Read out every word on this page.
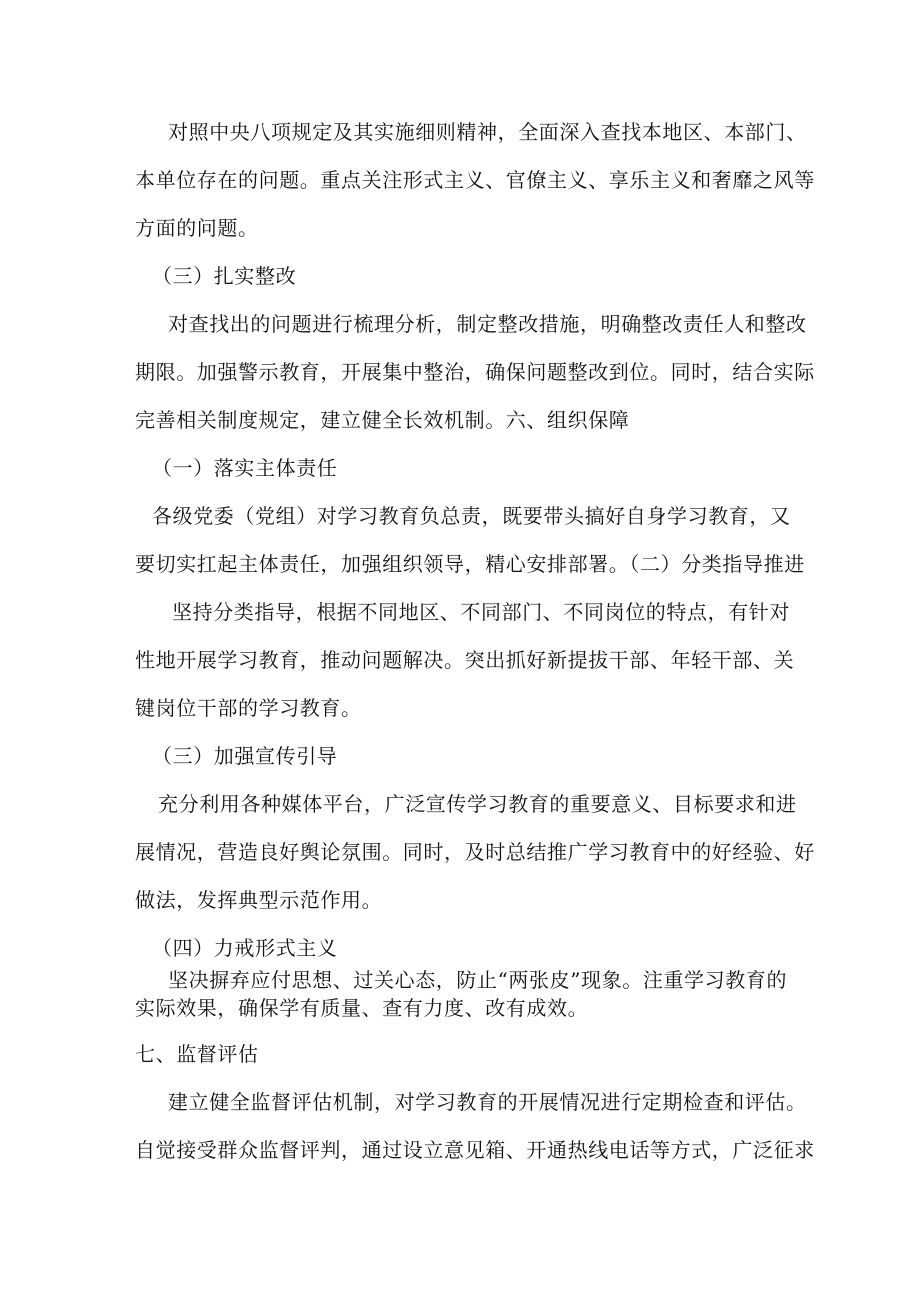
对照中央八项规定及其实施细则精神，全面深入查找本地区、本部门、
本单位存在的问题。重点关注形式主义、官僚主义、享乐主义和奢靡之风等
方面的问题。
（三）扎实整改
对查找出的问题进行梳理分析，制定整改措施，明确整改责任人和整改
期限。加强警示教育，开展集中整治，确保问题整改到位。同时，结合实际
完善相关制度规定，建立健全长效机制。六、组织保障
（一）落实主体责任
各级党委（党组）对学习教育负总责，既要带头搞好自身学习教育，又
要切实扛起主体责任，加强组织领导，精心安排部署。（二）分类指导推进
坚持分类指导，根据不同地区、不同部门、不同岗位的特点，有针对
性地开展学习教育，推动问题解决。突出抓好新提拔干部、年轻干部、关
键岗位干部的学习教育。
（三）加强宣传引导
充分利用各种媒体平台，广泛宣传学习教育的重要意义、目标要求和进
展情况，营造良好舆论氛围。同时，及时总结推广学习教育中的好经验、好
做法，发挥典型示范作用。
（四）力戒形式主义
坚决摒弃应付思想、过关心态，防止“两张皮”现象。注重学习教育的
实际效果，确保学有质量、查有力度、改有成效。
七、监督评估
建立健全监督评估机制，对学习教育的开展情况进行定期检查和评估。
自觉接受群众监督评判，通过设立意见箱、开通热线电话等方式，广泛征求
